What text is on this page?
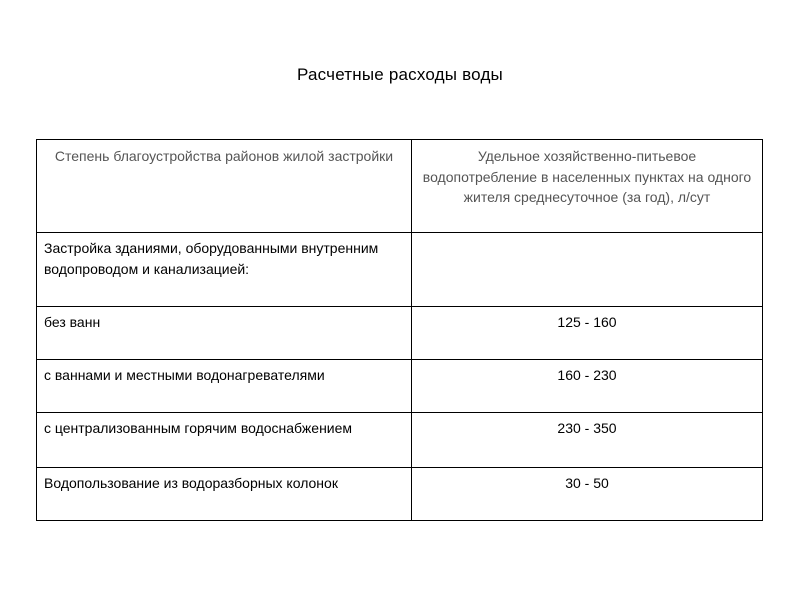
Расчетные расходы воды
Степень благоустройства районов жилой застройки	Удельное хозяйственно-питьевое водопотребление в населенных пунктах на одного жителя среднесуточное (за год), л/сут
Застройка зданиями, оборудованными внутренним водопроводом и канализацией:	
без ванн	125 - 160
с ваннами и местными водонагревателями	160 - 230
с централизованным горячим водоснабжением	230 - 350
Водопользование из водоразборных колонок	30 - 50
